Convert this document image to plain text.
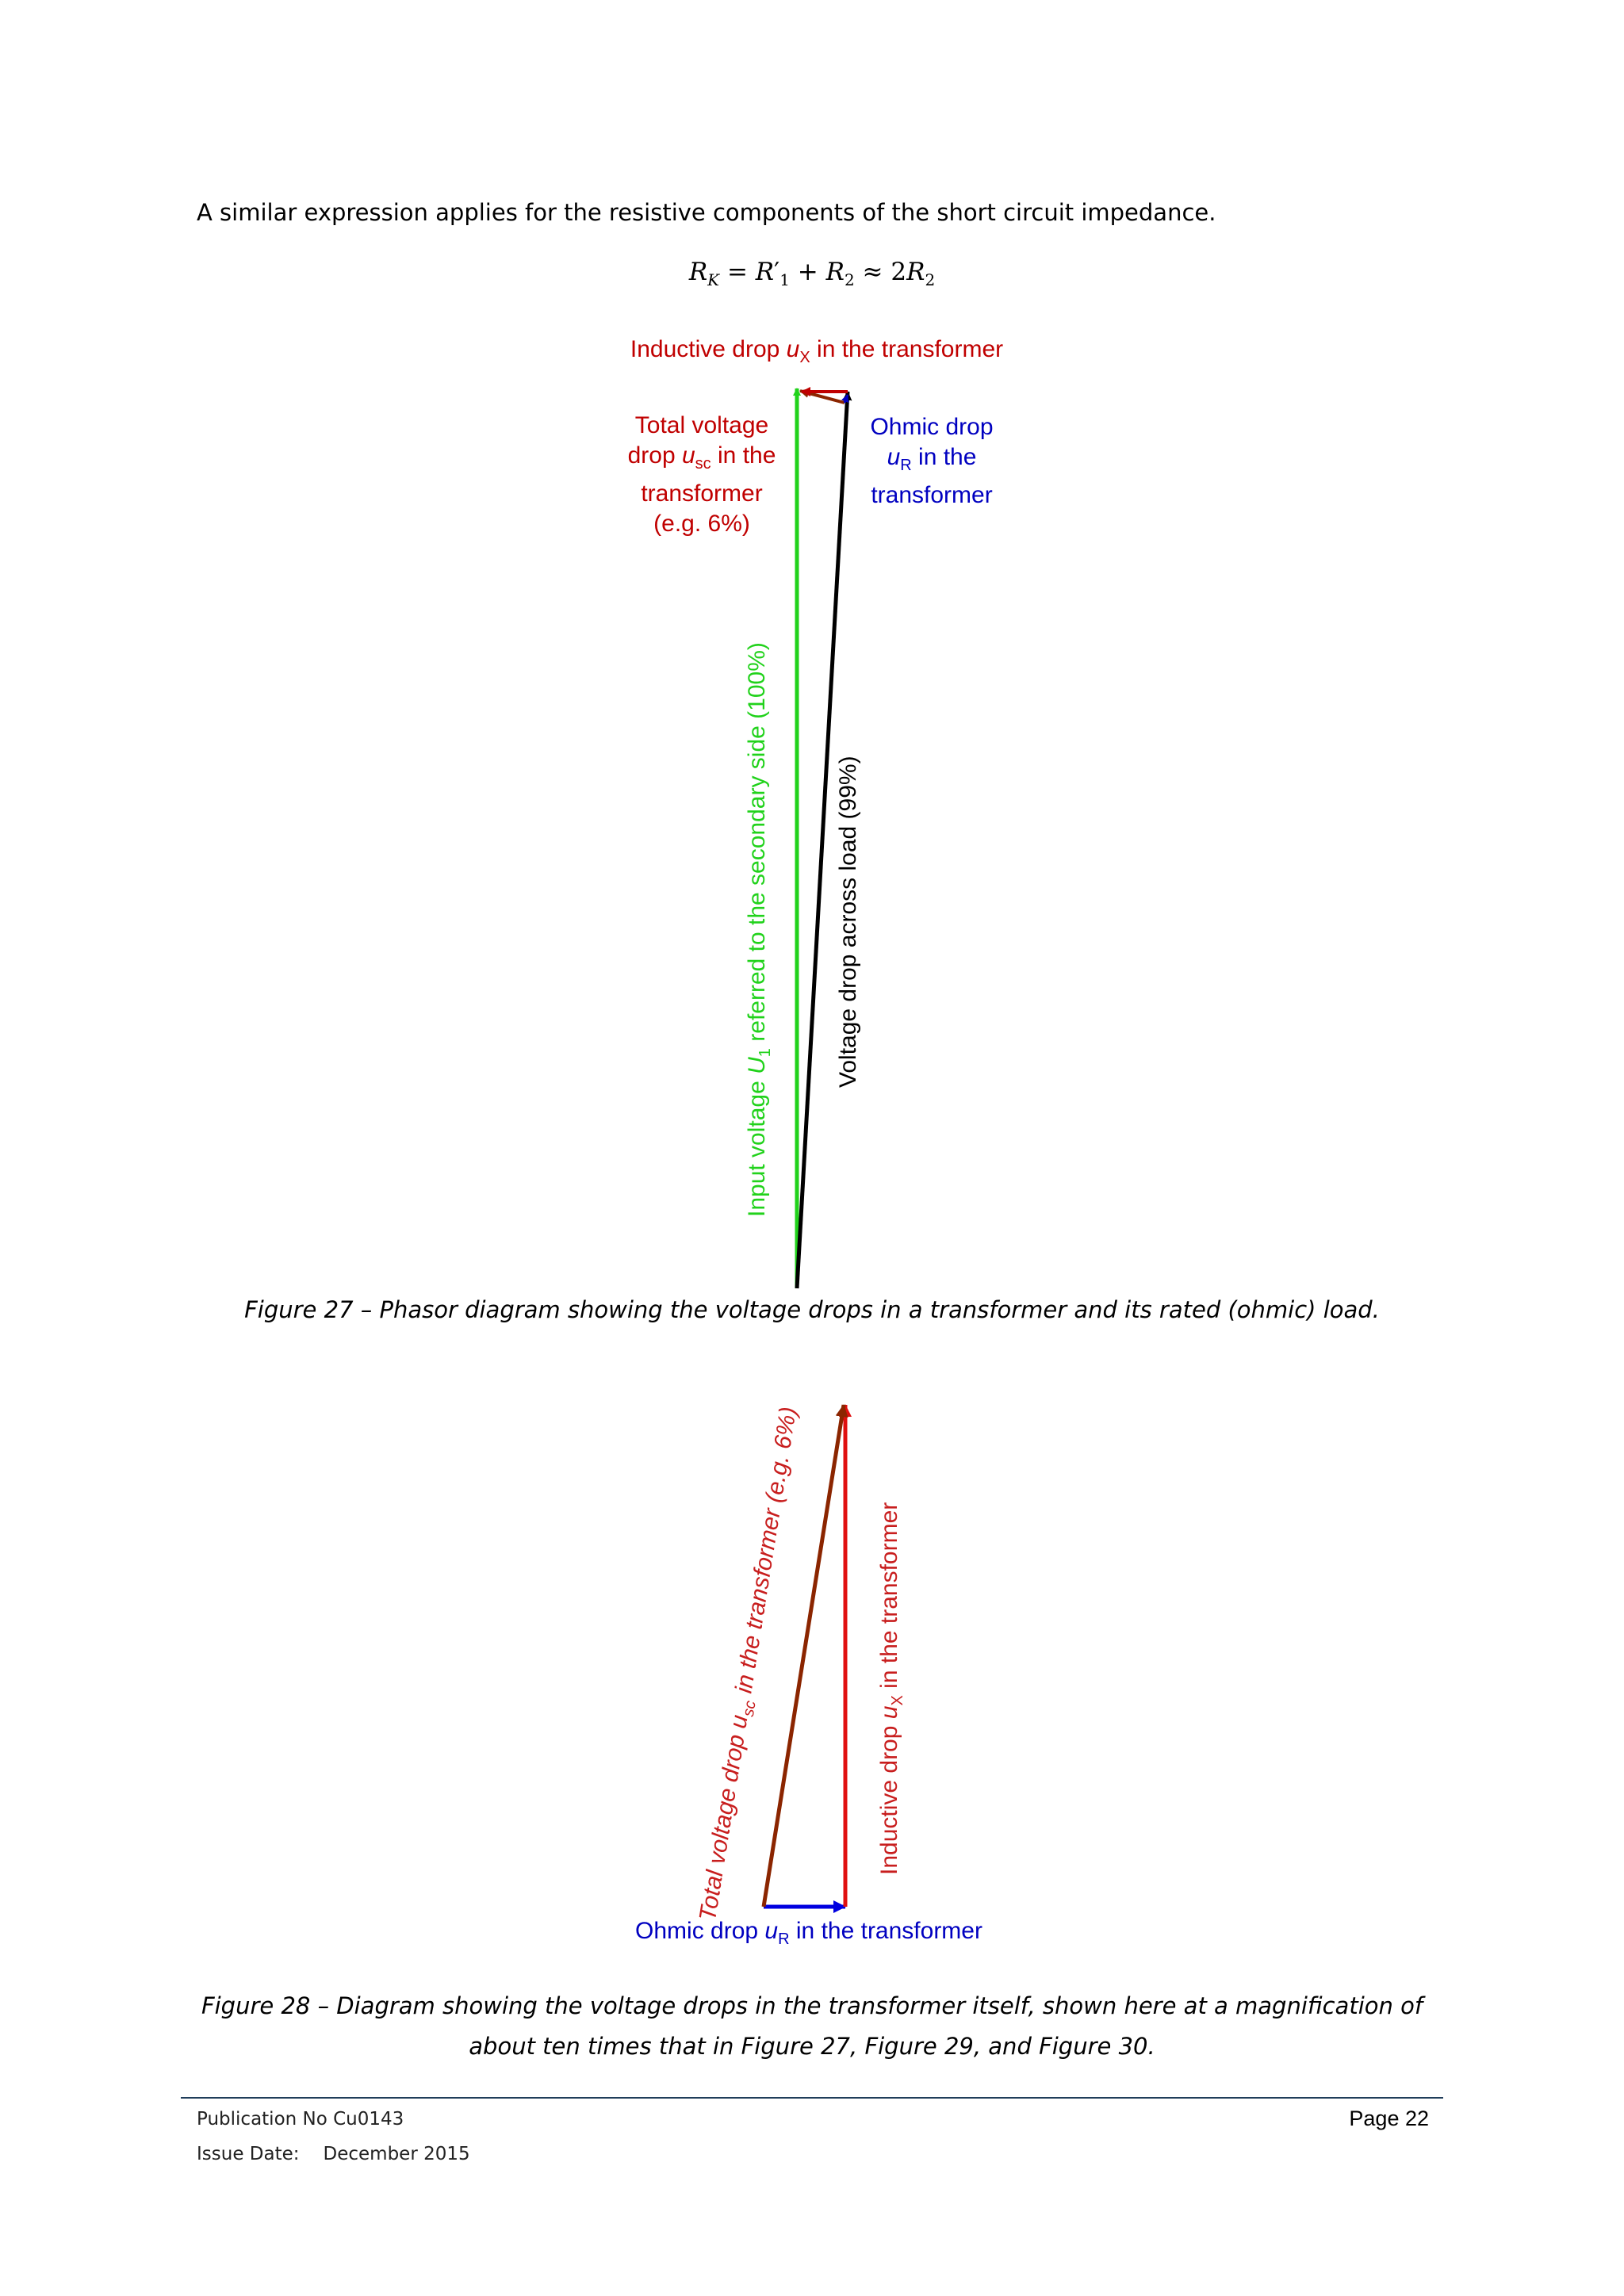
A similar expression applies for the resistive components of the short circuit impedance.

$R_K = R'_1 + R_2 \approx 2R_2$
Inductive drop $u_X$ in the transformer
Total voltage
drop $u_{sc}$ in the
transformer
(e.g. 6%)
Ohmic drop
$u_R$ in the
transformer
Input voltage $U_1$ referred to the secondary side (100%)	Voltage drop across load (99%)

Figure 27 – Phasor diagram showing the voltage drops in a transformer and its rated (ohmic) load.

Total voltage drop $u_{sc}$ in the transformer (e.g. 6%)
Inductive drop $u_X$ in the transformer
Ohmic drop $u_R$ in the transformer

Figure 28 – Diagram showing the voltage drops in the transformer itself, shown here at a magnification of
about ten times that in Figure 27, Figure 29, and Figure 30.

Publication No Cu0143
Issue Date: December 2015
Page 22
